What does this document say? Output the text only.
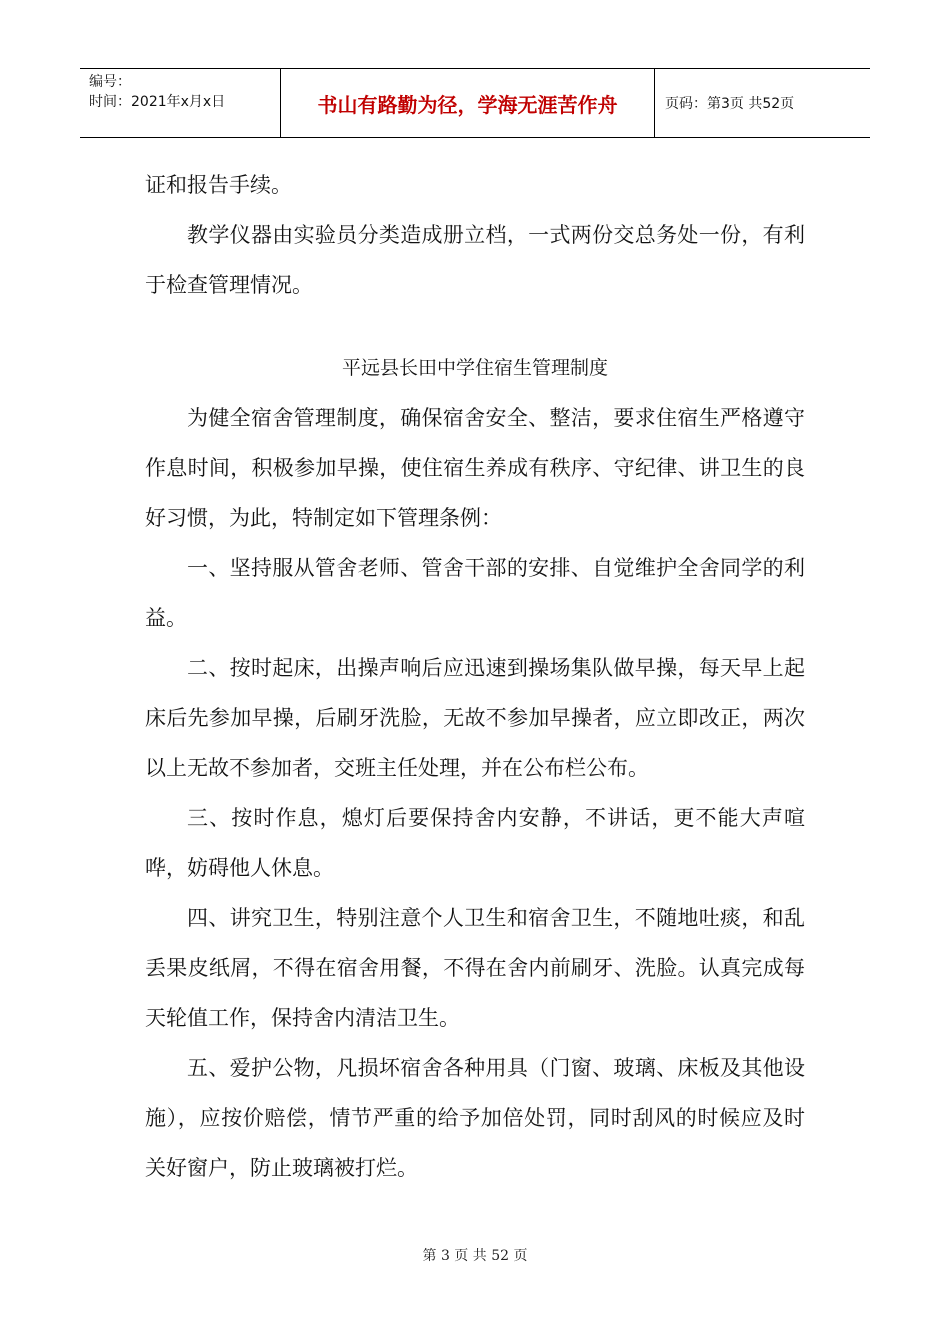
编号：
时间：2021年x月x日	书山有路勤为径，学海无涯苦作舟	页码：第3页 共52页

证和报告手续。

教学仪器由实验员分类造成册立档，一式两份交总务处一份，有利于检查管理情况。

平远县长田中学住宿生管理制度

为健全宿舍管理制度，确保宿舍安全、整洁，要求住宿生严格遵守作息时间，积极参加早操，使住宿生养成有秩序、守纪律、讲卫生的良好习惯，为此，特制定如下管理条例：

一、坚持服从管舍老师、管舍干部的安排、自觉维护全舍同学的利益。

二、按时起床，出操声响后应迅速到操场集队做早操，每天早上起床后先参加早操，后刷牙洗脸，无故不参加早操者，应立即改正，两次以上无故不参加者，交班主任处理，并在公布栏公布。

三、按时作息，熄灯后要保持舍内安静，不讲话，更不能大声喧哗，妨碍他人休息。

四、讲究卫生，特别注意个人卫生和宿舍卫生，不随地吐痰，和乱丢果皮纸屑，不得在宿舍用餐，不得在舍内前刷牙、洗脸。认真完成每天轮值工作，保持舍内清洁卫生。

五、爱护公物，凡损坏宿舍各种用具（门窗、玻璃、床板及其他设施），应按价赔偿，情节严重的给予加倍处罚，同时刮风的时候应及时关好窗户，防止玻璃被打烂。

第 3 页 共 52 页
